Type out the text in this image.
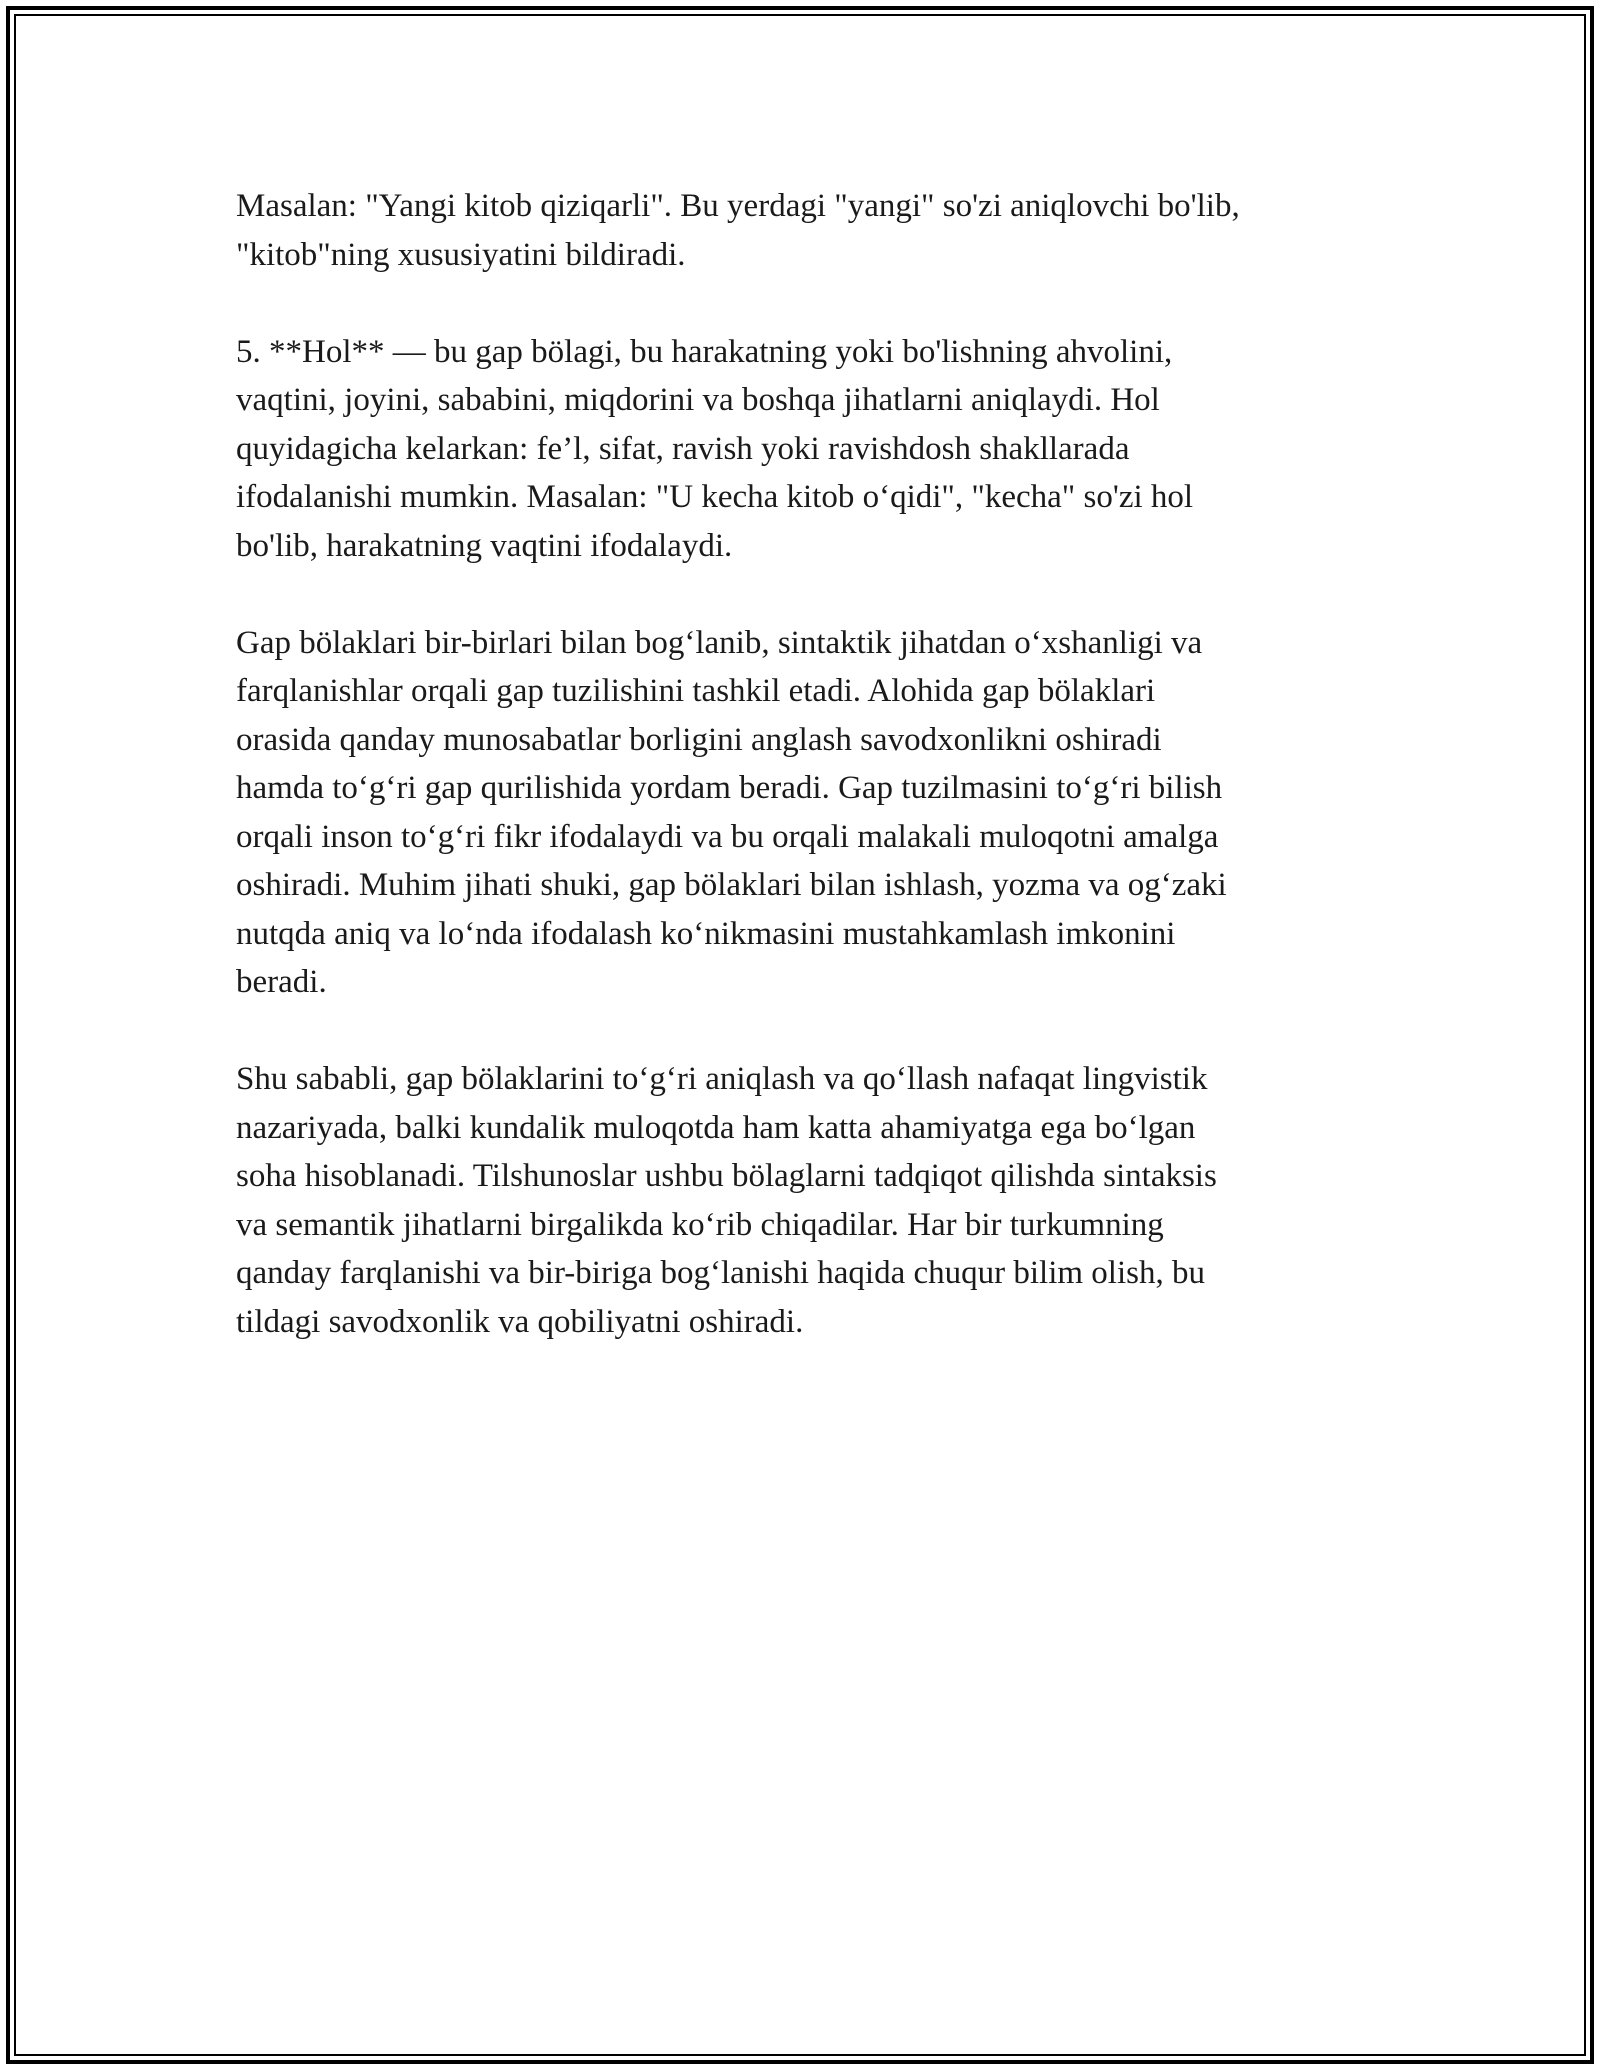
Masalan: "Yangi kitob qiziqarli". Bu yerdagi "yangi" so'zi aniqlovchi bo'lib,
"kitob"ning xususiyatini bildiradi.

5. **Hol** — bu gap bölagi, bu harakatning yoki bo'lishning ahvolini,
vaqtini, joyini, sababini, miqdorini va boshqa jihatlarni aniqlaydi. Hol
quyidagicha kelarkan: fe’l, sifat, ravish yoki ravishdosh shakllarada
ifodalanishi mumkin. Masalan: "U kecha kitob o‘qidi", "kecha" so'zi hol
bo'lib, harakatning vaqtini ifodalaydi.

Gap bölaklari bir-birlari bilan bog‘lanib, sintaktik jihatdan o‘xshanligi va
farqlanishlar orqali gap tuzilishini tashkil etadi. Alohida gap bölaklari
orasida qanday munosabatlar borligini anglash savodxonlikni oshiradi
hamda to‘g‘ri gap qurilishida yordam beradi. Gap tuzilmasini to‘g‘ri bilish
orqali inson to‘g‘ri fikr ifodalaydi va bu orqali malakali muloqotni amalga
oshiradi. Muhim jihati shuki, gap bölaklari bilan ishlash, yozma va og‘zaki
nutqda aniq va lo‘nda ifodalash ko‘nikmasini mustahkamlash imkonini
beradi.

Shu sababli, gap bölaklarini to‘g‘ri aniqlash va qo‘llash nafaqat lingvistik
nazariyada, balki kundalik muloqotda ham katta ahamiyatga ega bo‘lgan
soha hisoblanadi. Tilshunoslar ushbu bölaglarni tadqiqot qilishda sintaksis
va semantik jihatlarni birgalikda ko‘rib chiqadilar. Har bir turkumning
qanday farqlanishi va bir-biriga bog‘lanishi haqida chuqur bilim olish, bu
tildagi savodxonlik va qobiliyatni oshiradi.
